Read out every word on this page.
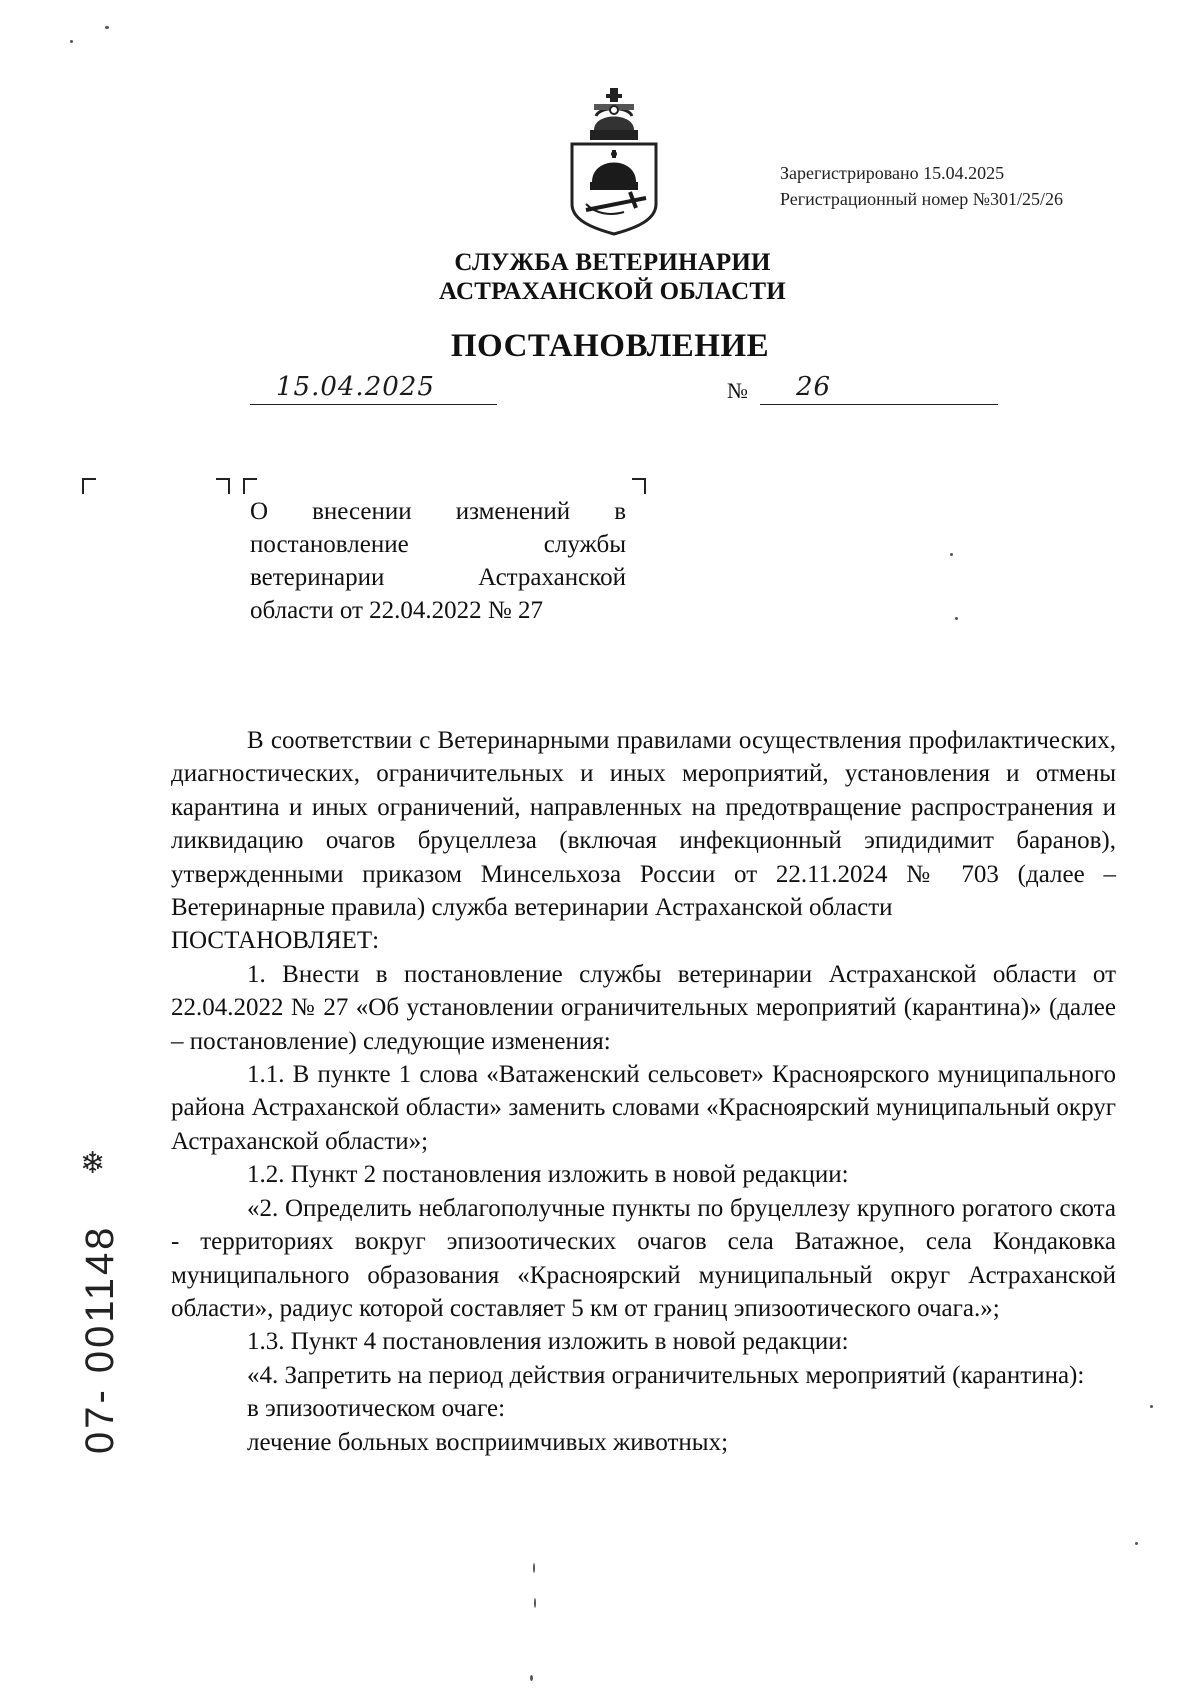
Зарегистрировано 15.04.2025
Регистрационный номер №301/25/26
СЛУЖБА ВЕТЕРИНАРИИ
АСТРАХАНСКОЙ ОБЛАСТИ
ПОСТАНОВЛЕНИЕ
15.04.2025	№ 26
О внесении изменений в
постановление службы
ветеринарии Астраханской
области от 22.04.2022 № 27

В соответствии с Ветеринарными правилами осуществления профилактических, диагностических, ограничительных и иных мероприятий, установления и отмены карантина и иных ограничений, направленных на предотвращение распространения и ликвидацию очагов бруцеллеза (включая инфекционный эпидидимит баранов), утвержденными приказом Минсельхоза России от 22.11.2024 № 703 (далее – Ветеринарные правила) служба ветеринарии Астраханской области

ПОСТАНОВЛЯЕТ:

1. Внести в постановление службы ветеринарии Астраханской области от 22.04.2022 № 27 «Об установлении ограничительных мероприятий (карантина)» (далее – постановление) следующие изменения:

1.1. В пункте 1 слова «Ватаженский сельсовет» Красноярского муниципального района Астраханской области» заменить словами «Красноярский муниципальный округ Астраханской области»;

1.2. Пункт 2 постановления изложить в новой редакции:

«2. Определить неблагополучные пункты по бруцеллезу крупного рогатого скота - территориях вокруг эпизоотических очагов села Ватажное, села Кондаковка муниципального образования «Красноярский муниципальный округ Астраханской области», радиус которой составляет 5 км от границ эпизоотического очага.»;

1.3. Пункт 4 постановления изложить в новой редакции:

«4. Запретить на период действия ограничительных мероприятий (карантина):

в эпизоотическом очаге:

лечение больных восприимчивых животных;

❄
07- 001148
